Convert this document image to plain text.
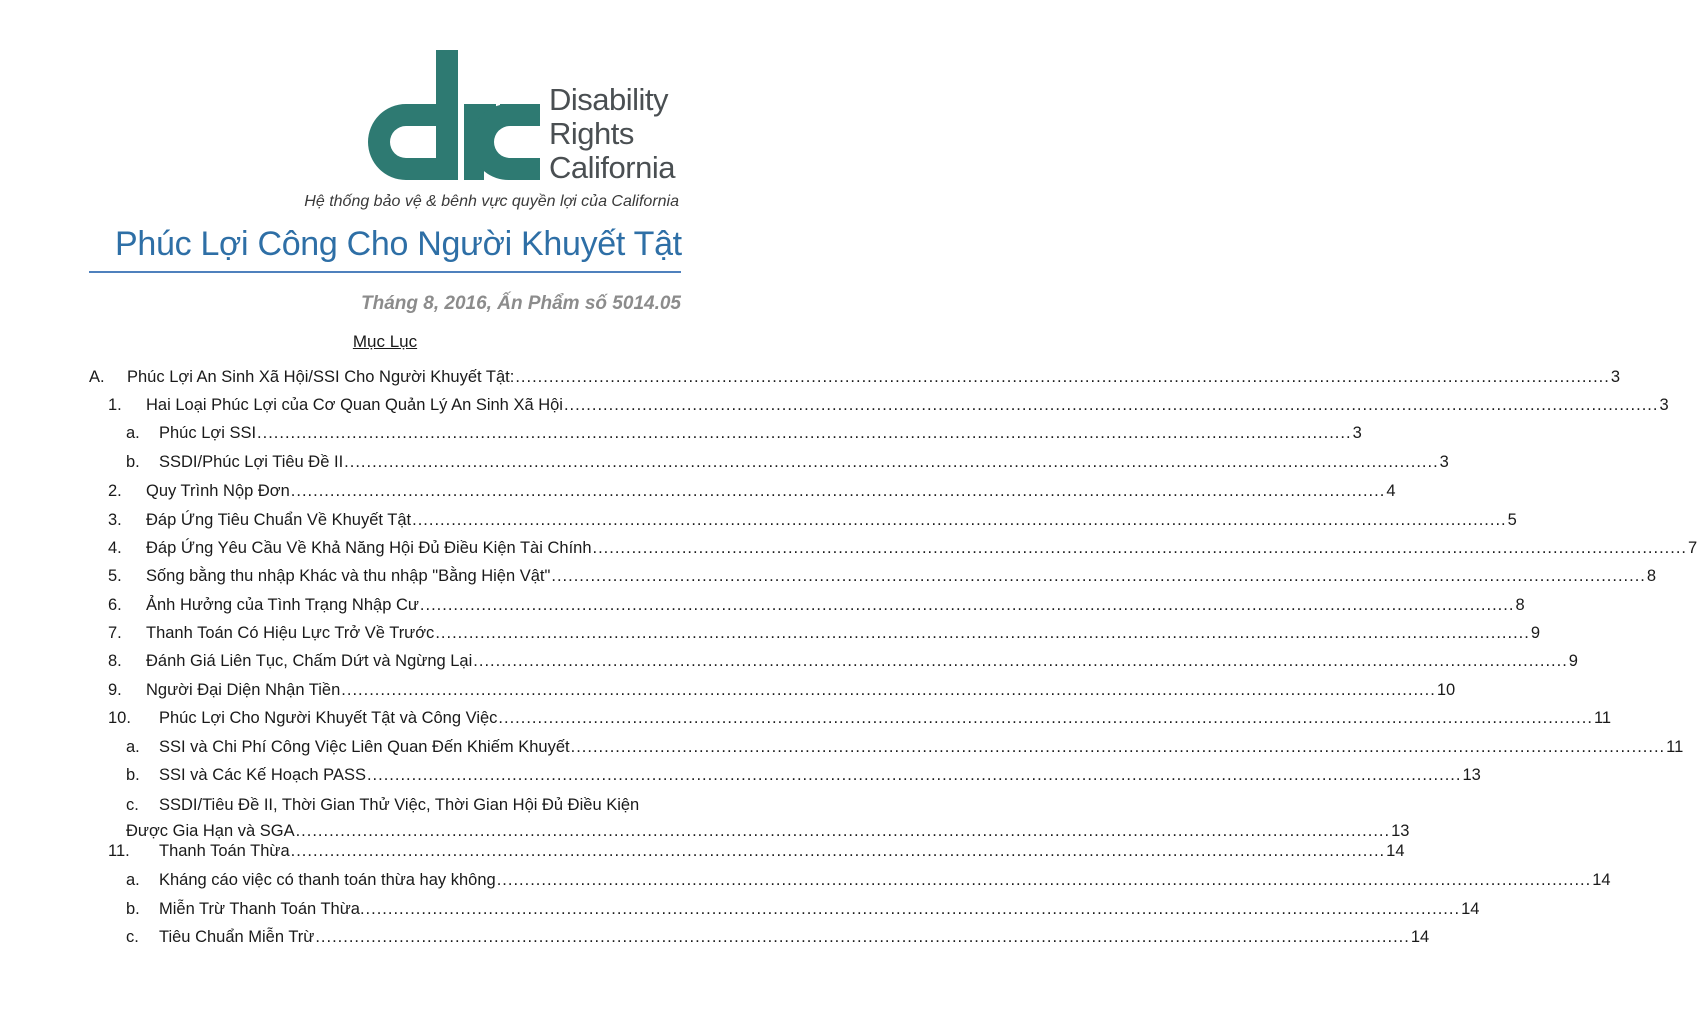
Disability
Rights
California
Hệ thống bảo vệ & bênh vực quyền lợi của California
Phúc Lợi Công Cho Người Khuyết Tật
Tháng 8, 2016, Ấn Phẩm số 5014.05
Mục Lục
A.	Phúc Lợi An Sinh Xã Hội/SSI Cho Người Khuyết Tật: .....	3
1.	Hai Loại Phúc Lợi của Cơ Quan Quản Lý An Sinh Xã Hội .....	3
a.	Phúc Lợi SSI .....	3
b.	SSDI/Phúc Lợi Tiêu Đề II .....	3
2.	Quy Trình Nộp Đơn .....	4
3.	Đáp Ứng Tiêu Chuẩn Về Khuyết Tật .....	5
4.	Đáp Ứng Yêu Cầu Về Khả Năng Hội Đủ Điều Kiện Tài Chính .....	7
5.	Sống bằng thu nhập Khác và thu nhập "Bằng Hiện Vật" .....	8
6.	Ảnh Hưởng của Tình Trạng Nhập Cư .....	8
7.	Thanh Toán Có Hiệu Lực Trở Về Trước .....	9
8.	Đánh Giá Liên Tục, Chấm Dứt và Ngừng Lại .....	9
9.	Người Đại Diện Nhận Tiền .....	10
10.	Phúc Lợi Cho Người Khuyết Tật và Công Việc .....	11
a.	SSI và Chi Phí Công Việc Liên Quan Đến Khiếm Khuyết .....	11
b.	SSI và Các Kế Hoạch PASS .....	13
c. SSDI/Tiêu Đề II, Thời Gian Thử Việc, Thời Gian Hội Đủ Điều Kiện
Được Gia Hạn và SGA .....	13
11.	Thanh Toán Thừa .....	14
a.	Kháng cáo việc có thanh toán thừa hay không .....	14
b.	Miễn Trừ Thanh Toán Thừa. .....	14
c.	Tiêu Chuẩn Miễn Trừ .....	14
